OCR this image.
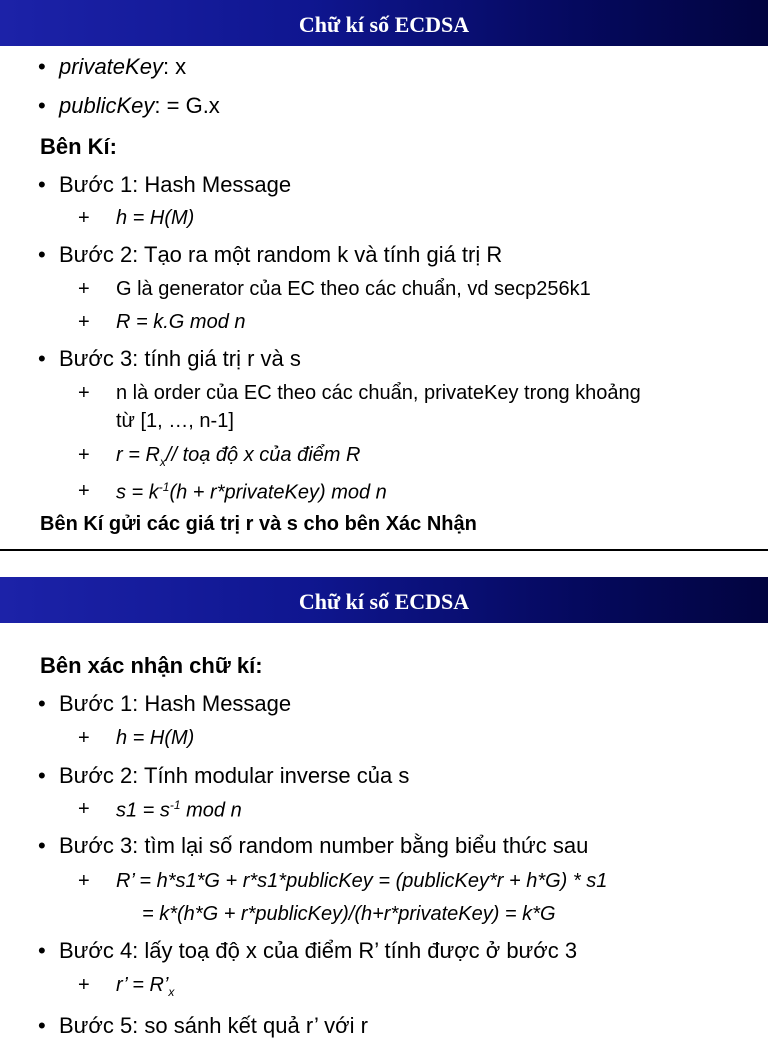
Chữ kí số ECDSA
• privateKey: x
• publicKey: = G.x
Bên Kí:
• Bước 1: Hash Message
+ h = H(M)
• Bước 2: Tạo ra một random k và tính giá trị R
+ G là generator của EC theo các chuẩn, vd secp256k1
+ R = k.G mod n
• Bước 3: tính giá trị r và s
+ n là order của EC theo các chuẩn, privateKey trong khoảng
từ [1, …, n-1]
+ $r = R_x//$ toạ độ x của điểm R
+ $s = k^{-1}(h$ + r*privateKey) mod n
Bên Kí gửi các giá trị r và s cho bên Xác Nhận
Chữ kí số ECDSA
Bên xác nhận chữ kí:
• Bước 1: Hash Message
+ h = H(M)
• Bước 2: Tính modular inverse của s
+ $s1 = s^{-1}$ mod n
• Bước 3: tìm lại số random number bằng biểu thức sau
+ R’ = h*s1*G + r*s1*publicKey = (publicKey*r + h*G) * s1
= k*(h*G + r*publicKey)/(h+r*privateKey) = k*G
• Bước 4: lấy toạ độ x của điểm R’ tính được ở bước 3
+ r’ = $R’_x$
• Bước 5: so sánh kết quả r’ với r
